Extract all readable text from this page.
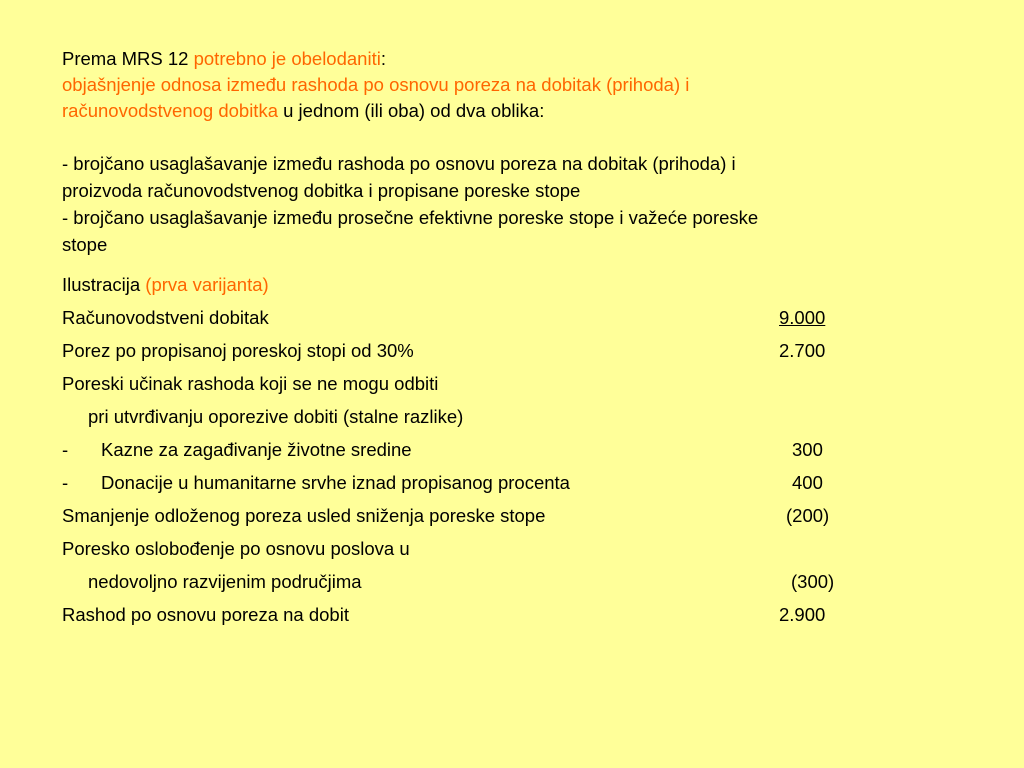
Prema MRS 12 potrebno je obelodaniti:
objašnjenje odnosa između rashoda po osnovu poreza na dobitak (prihoda) i
računovodstvenog dobitka u jednom (ili oba) od dva oblika:
- brojčano usaglašavanje između rashoda po osnovu poreza na dobitak (prihoda) i
proizvoda računovodstvenog dobitka i propisane poreske stope
- brojčano usaglašavanje između prosečne efektivne poreske stope i važeće poreske
stope
Ilustracija (prva varijanta)
Računovodstveni dobitak	9.000
Porez po propisanoj poreskoj stopi od 30%	2.700
Poreski učinak rashoda koji se ne mogu odbiti
pri utvrđivanju oporezive dobiti (stalne razlike)
- Kazne za zagađivanje životne sredine	300
- Donacije u humanitarne srvhe iznad propisanog procenta	400
Smanjenje odloženog poreza usled sniženja poreske stope	(200)
Poresko oslobođenje po osnovu poslova u
nedovoljno razvijenim područjima	(300)
Rashod po osnovu poreza na dobit	2.900
